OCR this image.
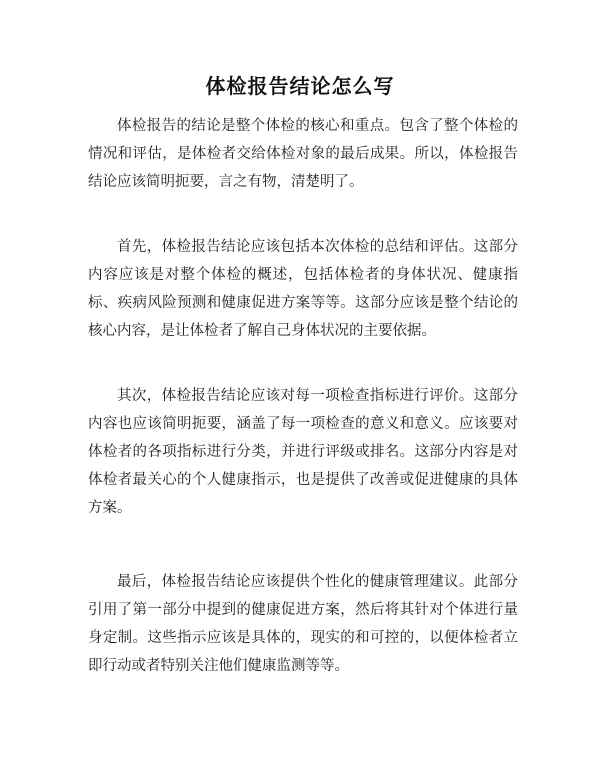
体检报告结论怎么写

体检报告的结论是整个体检的核心和重点。包含了整个体检的情况和评估，是体检者交给体检对象的最后成果。所以，体检报告结论应该简明扼要，言之有物，清楚明了。

首先，体检报告结论应该包括本次体检的总结和评估。这部分内容应该是对整个体检的概述，包括体检者的身体状况、健康指标、疾病风险预测和健康促进方案等等。这部分应该是整个结论的核心内容，是让体检者了解自己身体状况的主要依据。

其次，体检报告结论应该对每一项检查指标进行评价。这部分内容也应该简明扼要，涵盖了每一项检查的意义和意义。应该要对体检者的各项指标进行分类，并进行评级或排名。这部分内容是对体检者最关心的个人健康指示，也是提供了改善或促进健康的具体方案。

最后，体检报告结论应该提供个性化的健康管理建议。此部分引用了第一部分中提到的健康促进方案，然后将其针对个体进行量身定制。这些指示应该是具体的，现实的和可控的，以便体检者立即行动或者特别关注他们健康监测等等。
